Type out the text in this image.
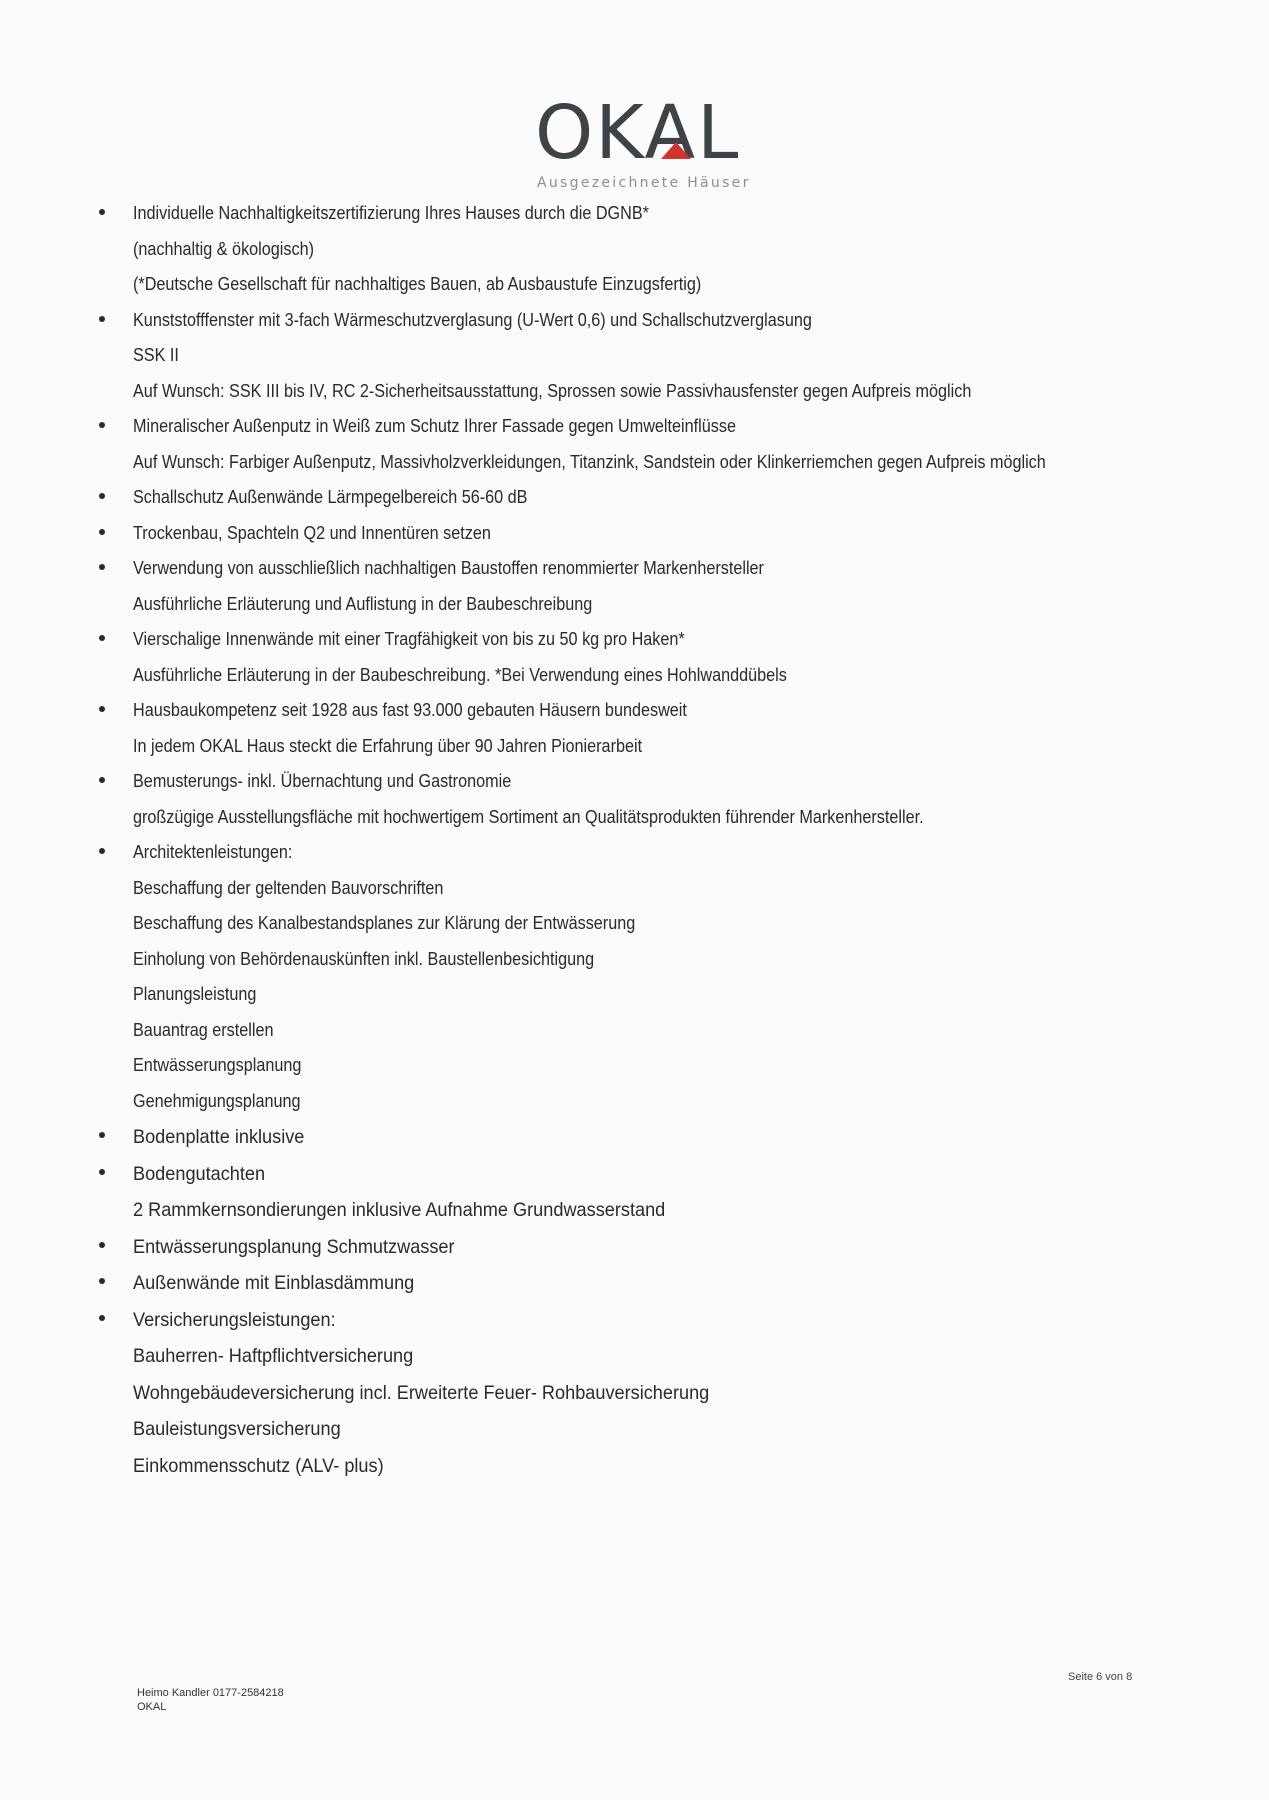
OKAL
Ausgezeichnete Häuser
Individuelle Nachhaltigkeitszertifizierung Ihres Hauses durch die DGNB*
(nachhaltig & ökologisch)
(*Deutsche Gesellschaft für nachhaltiges Bauen, ab Ausbaustufe Einzugsfertig)
Kunststofffenster mit 3-fach Wärmeschutzverglasung (U-Wert 0,6) und Schallschutzverglasung
SSK II
Auf Wunsch: SSK III bis IV, RC 2-Sicherheitsausstattung, Sprossen sowie Passivhausfenster gegen Aufpreis möglich
Mineralischer Außenputz in Weiß zum Schutz Ihrer Fassade gegen Umwelteinflüsse
Auf Wunsch: Farbiger Außenputz, Massivholzverkleidungen, Titanzink, Sandstein oder Klinkerriemchen gegen Aufpreis möglich
Schallschutz Außenwände Lärmpegelbereich 56-60 dB
Trockenbau, Spachteln Q2 und Innentüren setzen
Verwendung von ausschließlich nachhaltigen Baustoffen renommierter Markenhersteller
Ausführliche Erläuterung und Auflistung in der Baubeschreibung
Vierschalige Innenwände mit einer Tragfähigkeit von bis zu 50 kg pro Haken*
Ausführliche Erläuterung in der Baubeschreibung. *Bei Verwendung eines Hohlwanddübels
Hausbaukompetenz seit 1928 aus fast 93.000 gebauten Häusern bundesweit
In jedem OKAL Haus steckt die Erfahrung über 90 Jahren Pionierarbeit
Bemusterungs- inkl. Übernachtung und Gastronomie
großzügige Ausstellungsfläche mit hochwertigem Sortiment an Qualitätsprodukten führender Markenhersteller.
Architektenleistungen:
Beschaffung der geltenden Bauvorschriften
Beschaffung des Kanalbestandsplanes zur Klärung der Entwässerung
Einholung von Behördenauskünften inkl. Baustellenbesichtigung
Planungsleistung
Bauantrag erstellen
Entwässerungsplanung
Genehmigungsplanung
Bodenplatte inklusive
Bodengutachten
2 Rammkernsondierungen inklusive Aufnahme Grundwasserstand
Entwässerungsplanung Schmutzwasser
Außenwände mit Einblasdämmung
Versicherungsleistungen:
Bauherren- Haftpflichtversicherung
Wohngebäudeversicherung incl. Erweiterte Feuer- Rohbauversicherung
Bauleistungsversicherung
Einkommensschutz (ALV- plus)
Heimo Kandler 0177-2584218
OKAL
Seite 6 von 8
